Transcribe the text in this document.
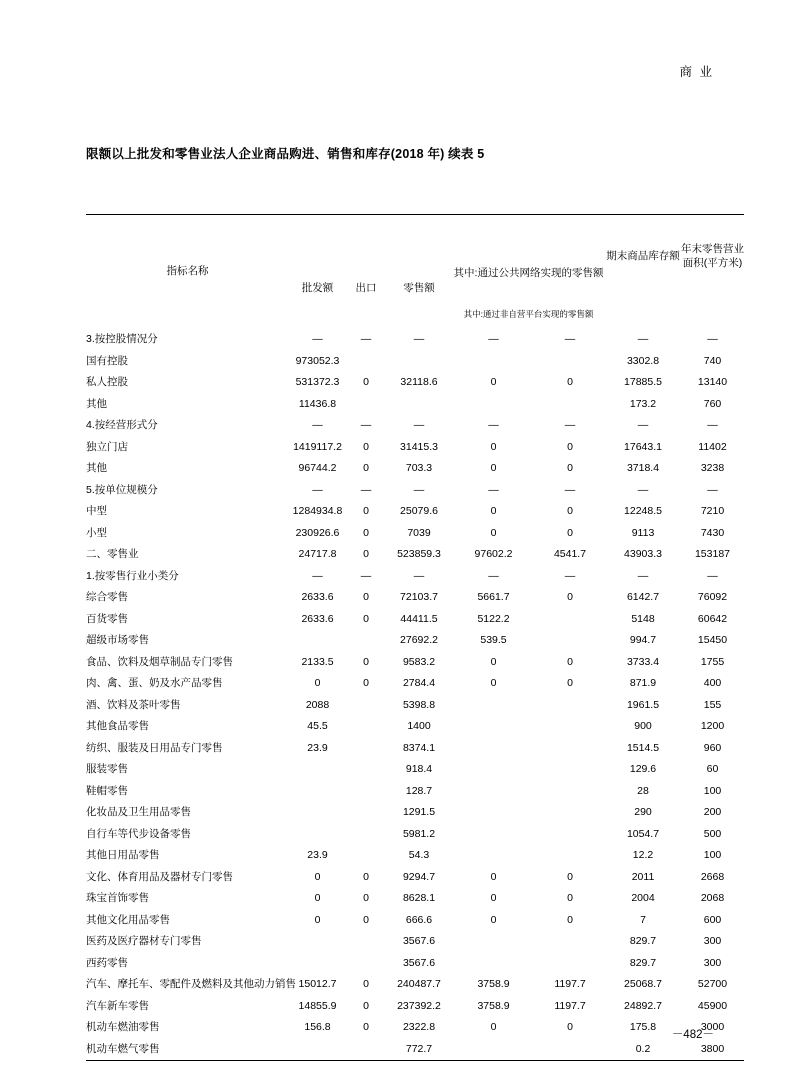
商 业
限额以上批发和零售业法人企业商品购进、销售和库存(2018 年) 续表 5
指标名称						期末商品库存额	年末零售营业面积(平方米)
	批发额	出口	零售额	其中:通过公共网络实现的零售额			
				其中:通过非自营平台实现的零售额			
3.按控股情况分	—	—	—	—	—	—	—
国有控股	973052.3					3302.8	740
私人控股	531372.3	0	32118.6	0	0	17885.5	13140
其他	11436.8					173.2	760
4.按经营形式分	—	—	—	—	—	—	—
独立门店	1419117.2	0	31415.3	0	0	17643.1	11402
其他	96744.2	0	703.3	0	0	3718.4	3238
5.按单位规模分	—	—	—	—	—	—	—
中型	1284934.8	0	25079.6	0	0	12248.5	7210
小型	230926.6	0	7039	0	0	9113	7430
二、零售业	24717.8	0	523859.3	97602.2	4541.7	43903.3	153187
1.按零售行业小类分	—	—	—	—	—	—	—
综合零售	2633.6	0	72103.7	5661.7	0	6142.7	76092
百货零售	2633.6	0	44411.5	5122.2		5148	60642
超级市场零售			27692.2	539.5		994.7	15450
食品、饮料及烟草制品专门零售	2133.5	0	9583.2	0	0	3733.4	1755
肉、禽、蛋、奶及水产品零售	0	0	2784.4	0	0	871.9	400
酒、饮料及茶叶零售	2088		5398.8			1961.5	155
其他食品零售	45.5		1400			900	1200
纺织、服装及日用品专门零售	23.9		8374.1			1514.5	960
服装零售			918.4			129.6	60
鞋帽零售			128.7			28	100
化妆品及卫生用品零售			1291.5			290	200
自行车等代步设备零售			5981.2			1054.7	500
其他日用品零售	23.9		54.3			12.2	100
文化、体育用品及器材专门零售	0	0	9294.7	0	0	2011	2668
珠宝首饰零售	0	0	8628.1	0	0	2004	2068
其他文化用品零售	0	0	666.6	0	0	7	600
医药及医疗器材专门零售			3567.6			829.7	300
西药零售			3567.6			829.7	300
汽车、摩托车、零配件及燃料及其他动力销售	15012.7	0	240487.7	3758.9	1197.7	25068.7	52700
汽车新车零售	14855.9	0	237392.2	3758.9	1197.7	24892.7	45900
机动车燃油零售	156.8	0	2322.8	0	0	175.8	3000
机动车燃气零售			772.7			0.2	3800
－482－
